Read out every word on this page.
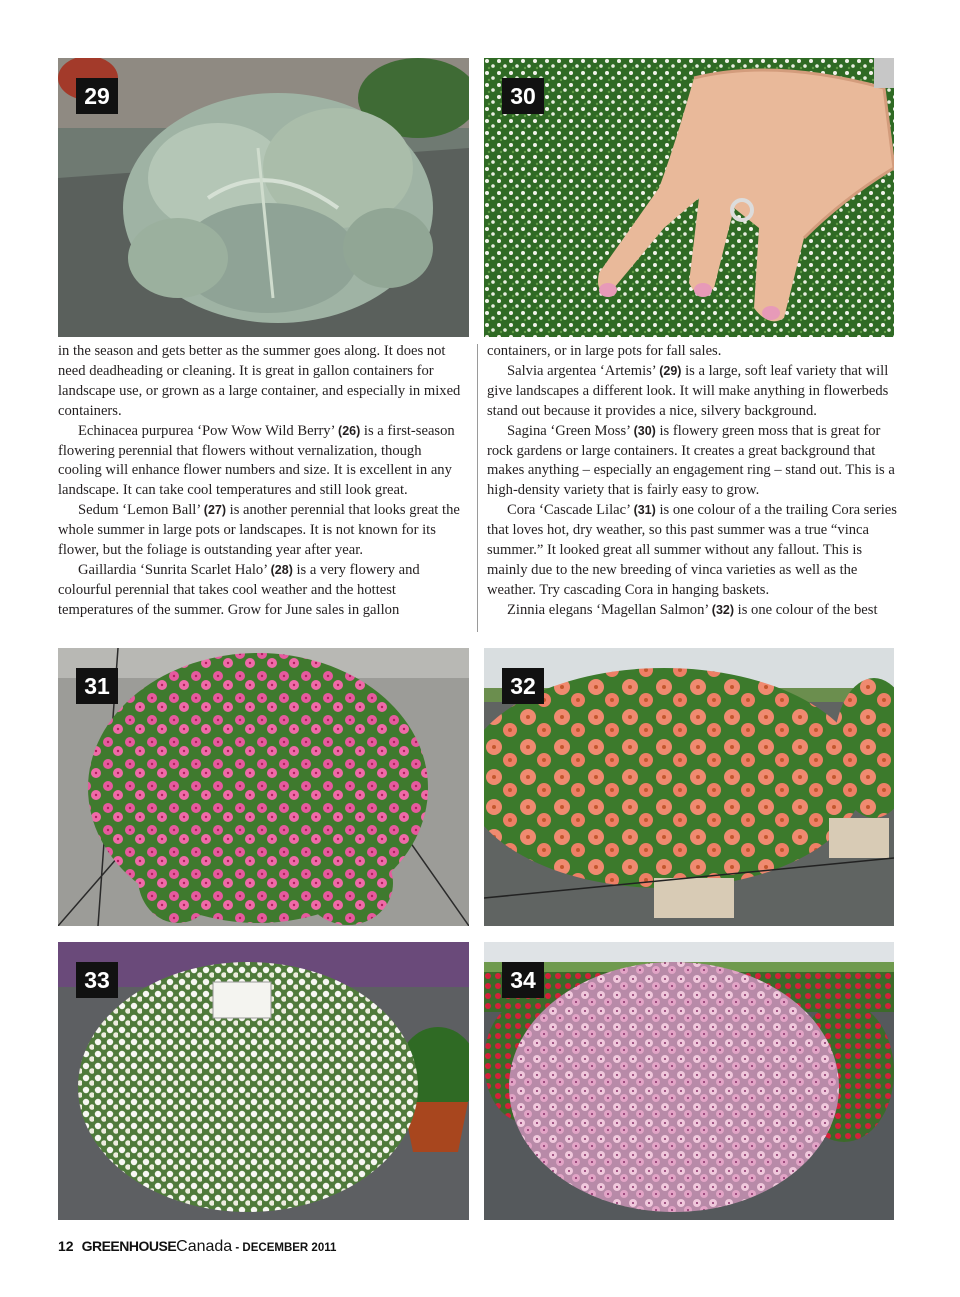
29	30

in the season and gets better as the summer goes along. It does not need deadheading or cleaning. It is great in gallon containers for landscape use, or grown as a large container, and especially in mixed containers.

Echinacea purpurea ‘Pow Wow Wild Berry’ (26) is a first-season flowering perennial that flowers without vernalization, though cooling will enhance flower numbers and size. It is excellent in any landscape. It can take cool temperatures and still look great.

Sedum ‘Lemon Ball’ (27) is another perennial that looks great the whole summer in large pots or landscapes. It is not known for its flower, but the foliage is outstanding year after year.

Gaillardia ‘Sunrita Scarlet Halo’ (28) is a very flowery and colourful perennial that takes cool weather and the hottest temperatures of the summer. Grow for June sales in gallon

containers, or in large pots for fall sales.

Salvia argentea ‘Artemis’ (29) is a large, soft leaf variety that will give landscapes a different look. It will make anything in flowerbeds stand out because it provides a nice, silvery background.

Sagina ‘Green Moss’ (30) is flowery green moss that is great for rock gardens or large containers. It creates a great background that makes anything – especially an engagement ring – stand out. This is a high-density variety that is fairly easy to grow.

Cora ‘Cascade Lilac’ (31) is one colour of a the trailing Cora series that loves hot, dry weather, so this past summer was a true “vinca summer.” It looked great all summer without any fallout. This is mainly due to the new breeding of vinca varieties as well as the weather. Try cascading Cora in hanging baskets.

Zinnia elegans ‘Magellan Salmon’ (32) is one colour of the best

31	32
33	34
12 GREENHOUSECanada - DECEMBER 2011
